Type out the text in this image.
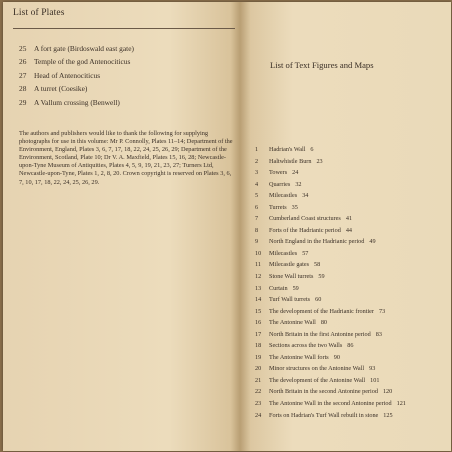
List of Plates
25 A fort gate (Birdoswald east gate)
26 Temple of the god Antenociticus
27 Head of Antenociticus
28 A turret (Coesike)
29 A Vallum crossing (Benwell)

The authors and publishers would like to thank the following for supplying photographs for use in this volume: Mr P. Connolly, Plates 11–14; Department of the Environment, England, Plates 3, 6, 7, 17, 18, 22, 24, 25, 26, 29; Department of the Environment, Scotland, Plate 10; Dr V. A. Maxfield, Plates 15, 16, 28; Newcastle-upon-Tyne Museum of Antiquities, Plates 4, 5, 9, 19, 21, 23, 27; Turners Ltd, Newcastle-upon-Tyne, Plates 1, 2, 8, 20. Crown copyright is reserved on Plates 3, 6, 7, 10, 17, 18, 22, 24, 25, 26, 29.

List of Text Figures and Maps
1 Hadrian's Wall 6
2 Haltwhistle Burn 23
3 Towers 24
4 Quarries 32
5 Milecastles 34
6 Turrets 35
7 Cumberland Coast structures 41
8 Forts of the Hadrianic period 44
9 North England in the Hadrianic period 49
10 Milecastles 57
11 Milecastle gates 58
12 Stone Wall turrets 59
13 Curtain 59
14 Turf Wall turrets 60
15 The development of the Hadrianic frontier 73
16 The Antonine Wall 80
17 North Britain in the first Antonine period 83
18 Sections across the two Walls 86
19 The Antonine Wall forts 90
20 Minor structures on the Antonine Wall 93
21 The development of the Antonine Wall 101
22 North Britain in the second Antonine period 120
23 The Antonine Wall in the second Antonine period 121
24 Forts on Hadrian's Turf Wall rebuilt in stone 125
